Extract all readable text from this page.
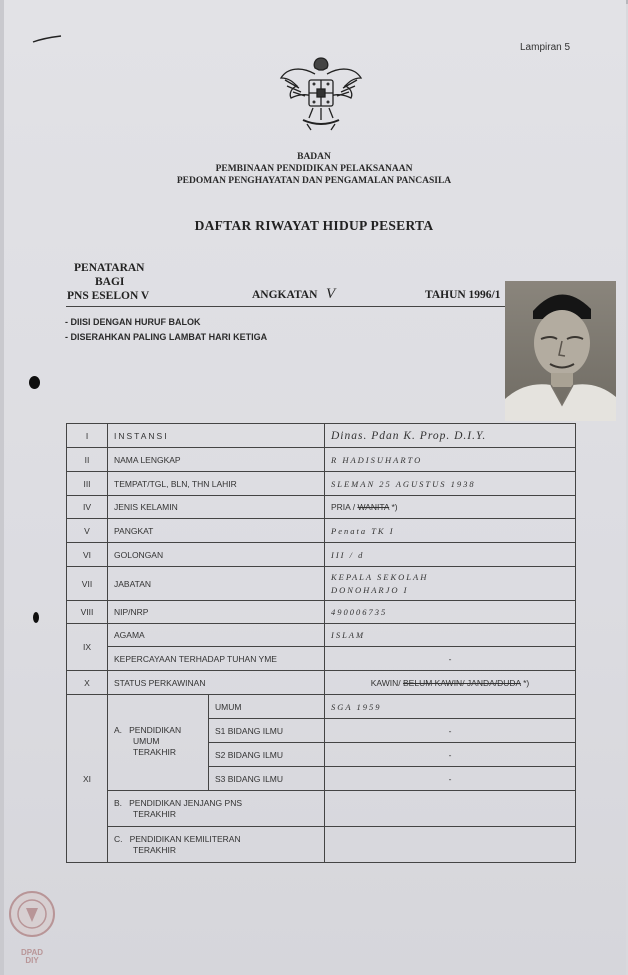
Lampiran 5
BADAN
PEMBINAAN PENDIDIKAN PELAKSANAAN
PEDOMAN PENGHAYATAN DAN PENGAMALAN PANCASILA
DAFTAR RIWAYAT HIDUP PESERTA
PENATARAN
BAGI
PNS ESELON V	ANGKATAN V	TAHUN 1996/1
- DIISI DENGAN HURUF BALOK
- DISERAHKAN PALING LAMBAT HARI KETIGA
I	INSTANSI		Dinas. Pdan K. Prop. D.I.Y.
II	NAMA LENGKAP		R HADISUHARTO
III	TEMPAT/TGL, BLN, THN LAHIR		SLEMAN 25 AGUSTUS 1938
IV	JENIS KELAMIN		PRIA / WANITA *)
V	PANGKAT		Penata TK I
VI	GOLONGAN		III / d
VII	JABATAN		KEPALA SEKOLAH
DONOHARJO I

VIII	NIP/NRP		490006735
IX	AGAMA		ISLAM
	KEPERCAYAAN TERHADAP TUHAN YME		-
X	STATUS PERKAWINAN		KAWIN/ BELUM KAWIN/ JANDA/DUDA *)
XI	A. PENDIDIKAN
UMUM
TERAKHIR	UMUM	SGA 1959
		S1 BIDANG ILMU	-
		S2 BIDANG ILMU	-
		S3 BIDANG ILMU	-
	B. PENDIDIKAN JENJANG PNS
TERAKHIR		
	C. PENDIDIKAN KEMILITERAN
TERAKHIR		
DPAD
DIY
